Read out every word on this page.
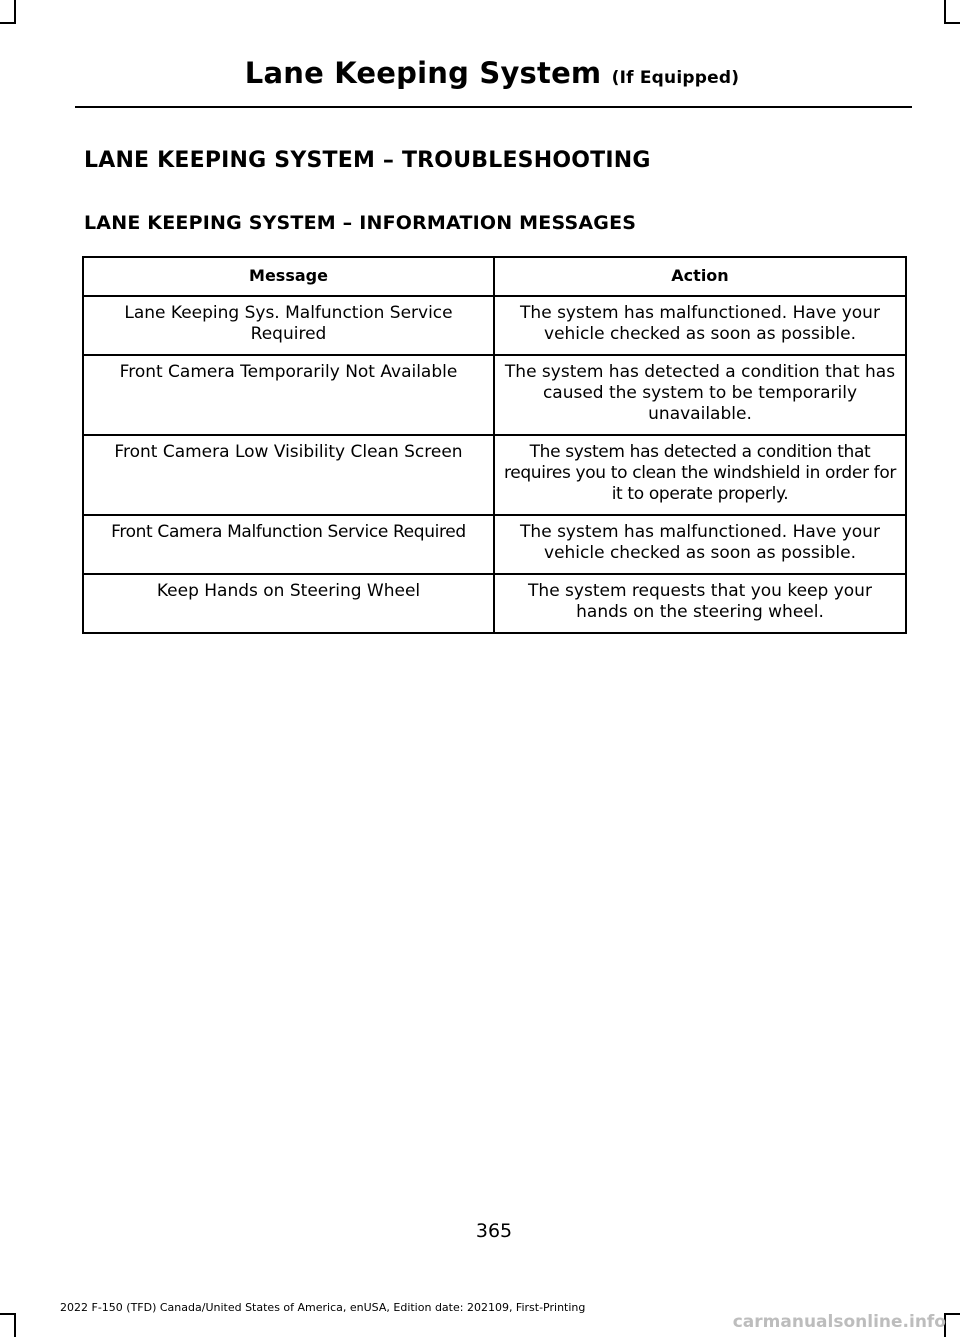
Lane Keeping System (If Equipped)
LANE KEEPING SYSTEM – TROUBLESHOOTING
LANE KEEPING SYSTEM – INFORMATION MESSAGES
Message	Action
Lane Keeping Sys. Malfunction Service Required	The system has malfunctioned. Have your vehicle checked as soon as possible.
Front Camera Temporarily Not Available	The system has detected a condition that has caused the system to be temporarily unavailable.
Front Camera Low Visibility Clean Screen	The system has detected a condition that requires you to clean the windshield in order for it to operate properly.
Front Camera Malfunction Service Required	The system has malfunctioned. Have your vehicle checked as soon as possible.
Keep Hands on Steering Wheel	The system requests that you keep your hands on the steering wheel.
365
2022 F-150 (TFD) Canada/United States of America, enUSA, Edition date: 202109, First-Printing
carmanualsonline.info
